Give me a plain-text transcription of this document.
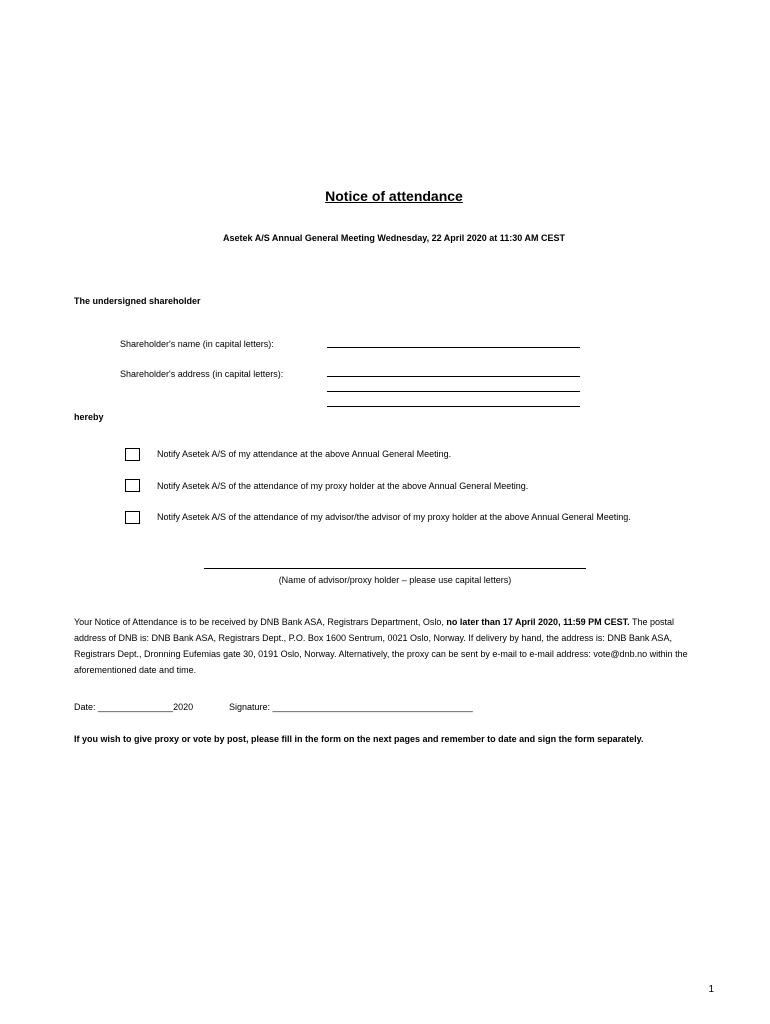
Notice of attendance
Asetek A/S Annual General Meeting Wednesday, 22 April 2020 at 11:30 AM CEST
The undersigned shareholder
Shareholder's name (in capital letters):
Shareholder's address (in capital letters):
hereby
Notify Asetek A/S of my attendance at the above Annual General Meeting.
Notify Asetek A/S of the attendance of my proxy holder at the above Annual General Meeting.
Notify Asetek A/S of the attendance of my advisor/the advisor of my proxy holder at the above Annual General Meeting.
(Name of advisor/proxy holder – please use capital letters)
Your Notice of Attendance is to be received by DNB Bank ASA, Registrars Department, Oslo, no later than 17 April 2020, 11:59 PM CEST. The postal address of DNB is: DNB Bank ASA, Registrars Dept., P.O. Box 1600 Sentrum, 0021 Oslo, Norway. If delivery by hand, the address is: DNB Bank ASA, Registrars Dept., Dronning Eufemias gate 30, 0191 Oslo, Norway. Alternatively, the proxy can be sent by e-mail to e-mail address: vote@dnb.no within the aforementioned date and time.
Date: _______________2020	Signature: ________________________________________
If you wish to give proxy or vote by post, please fill in the form on the next pages and remember to date and sign the form separately.
1
